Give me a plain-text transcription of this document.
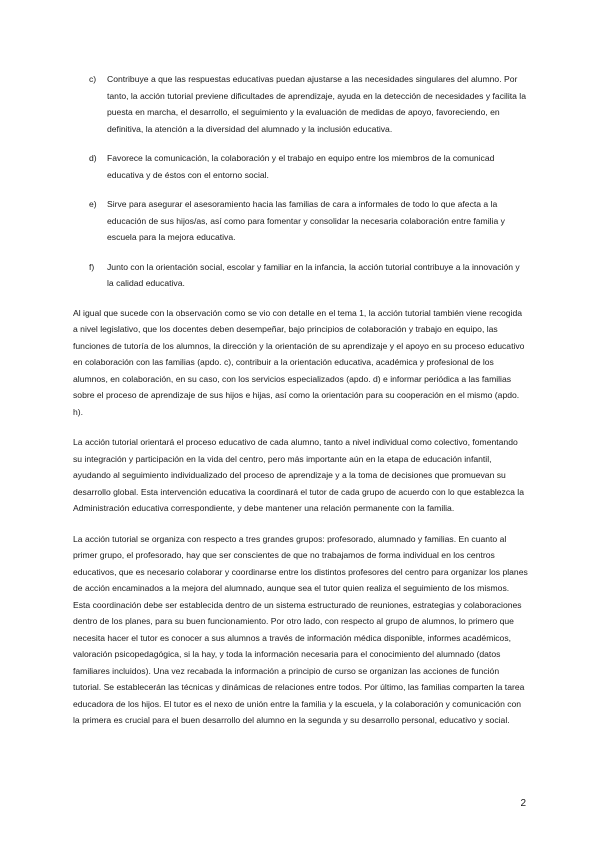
c) Contribuye a que las respuestas educativas puedan ajustarse a las necesidades singulares del alumno. Por tanto, la acción tutorial previene dificultades de aprendizaje, ayuda en la detección de necesidades y facilita la puesta en marcha, el desarrollo, el seguimiento y la evaluación de medidas de apoyo, favoreciendo, en definitiva, la atención a la diversidad del alumnado y la inclusión educativa.

d) Favorece la comunicación, la colaboración y el trabajo en equipo entre los miembros de la comunicad educativa y de éstos con el entorno social.

e) Sirve para asegurar el asesoramiento hacia las familias de cara a informales de todo lo que afecta a la educación de sus hijos/as, así como para fomentar y consolidar la necesaria colaboración entre familia y escuela para la mejora educativa.

f) Junto con la orientación social, escolar y familiar en la infancia, la acción tutorial contribuye a la innovación y la calidad educativa.

Al igual que sucede con la observación como se vio con detalle en el tema 1, la acción tutorial también viene recogida a nivel legislativo, que los docentes deben desempeñar, bajo principios de colaboración y trabajo en equipo, las funciones de tutoría de los alumnos, la dirección y la orientación de su aprendizaje y el apoyo en su proceso educativo en colaboración con las familias (apdo. c), contribuir a la orientación educativa, académica y profesional de los alumnos, en colaboración, en su caso, con los servicios especializados (apdo. d) e informar periódica a las familias sobre el proceso de aprendizaje de sus hijos e hijas, así como la orientación para su cooperación en el mismo (apdo. h).

La acción tutorial orientará el proceso educativo de cada alumno, tanto a nivel individual como colectivo, fomentando su integración y participación en la vida del centro, pero más importante aún en la etapa de educación infantil, ayudando al seguimiento individualizado del proceso de aprendizaje y a la toma de decisiones que promuevan su desarrollo global. Esta intervención educativa la coordinará el tutor de cada grupo de acuerdo con lo que establezca la Administración educativa correspondiente, y debe mantener una relación permanente con la familia.

La acción tutorial se organiza con respecto a tres grandes grupos: profesorado, alumnado y familias. En cuanto al primer grupo, el profesorado, hay que ser conscientes de que no trabajamos de forma individual en los centros educativos, que es necesario colaborar y coordinarse entre los distintos profesores del centro para organizar los planes de acción encaminados a la mejora del alumnado, aunque sea el tutor quien realiza el seguimiento de los mismos. Esta coordinación debe ser establecida dentro de un sistema estructurado de reuniones, estrategias y colaboraciones dentro de los planes, para su buen funcionamiento. Por otro lado, con respecto al grupo de alumnos, lo primero que necesita hacer el tutor es conocer a sus alumnos a través de información médica disponible, informes académicos, valoración psicopedagógica, si la hay, y toda la información necesaria para el conocimiento del alumnado (datos familiares incluidos). Una vez recabada la información a principio de curso se organizan las acciones de función tutorial. Se establecerán las técnicas y dinámicas de relaciones entre todos. Por último, las familias comparten la tarea educadora de los hijos. El tutor es el nexo de unión entre la familia y la escuela, y la colaboración y comunicación con la primera es crucial para el buen desarrollo del alumno en la segunda y su desarrollo personal, educativo y social.

2
